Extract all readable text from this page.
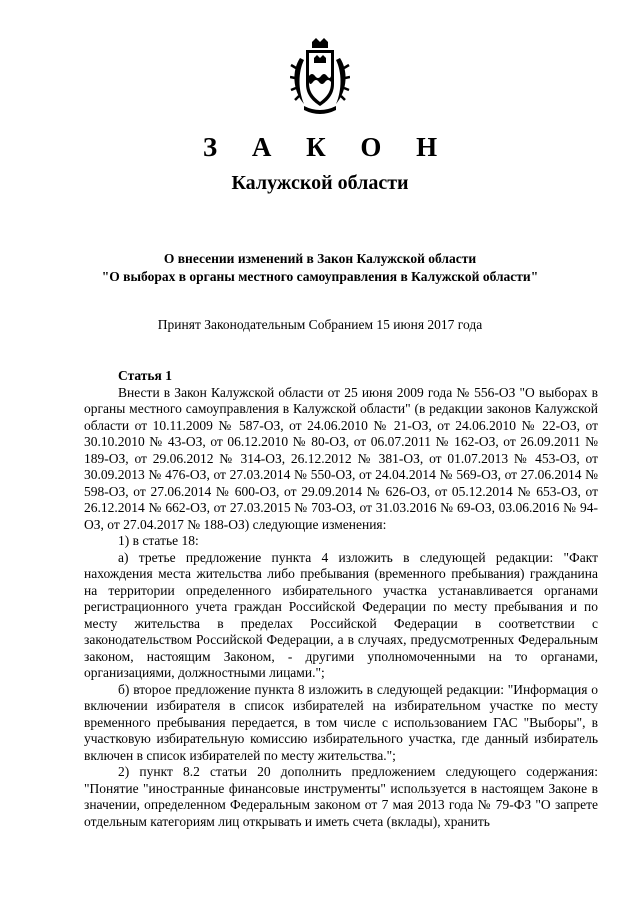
З А К О Н
Калужской области
О внесении изменений в Закон Калужской области
"О выборах в органы местного самоуправления в Калужской области"
Принят Законодательным Собранием 15 июня 2017 года
Статья 1

Внести в Закон Калужской области от 25 июня 2009 года № 556-ОЗ "О выборах в органы местного самоуправления в Калужской области" (в редакции законов Калужской области от 10.11.2009 № 587-ОЗ, от 24.06.2010 № 21-ОЗ, от 24.06.2010 № 22-ОЗ, от 30.10.2010 № 43-ОЗ, от 06.12.2010 № 80-ОЗ, от 06.07.2011 № 162-ОЗ, от 26.09.2011 № 189-ОЗ, от 29.06.2012 № 314-ОЗ, 26.12.2012 № 381-ОЗ, от 01.07.2013 № 453-ОЗ, от 30.09.2013 № 476-ОЗ, от 27.03.2014 № 550-ОЗ, от 24.04.2014 № 569-ОЗ, от 27.06.2014 № 598-ОЗ, от 27.06.2014 № 600-ОЗ, от 29.09.2014 № 626-ОЗ, от 05.12.2014 № 653-ОЗ, от 26.12.2014 № 662-ОЗ, от 27.03.2015 № 703-ОЗ, от 31.03.2016 № 69-ОЗ, 03.06.2016 № 94-ОЗ, от 27.04.2017 № 188-ОЗ) следующие изменения:

1) в статье 18:

а) третье предложение пункта 4 изложить в следующей редакции: "Факт нахождения места жительства либо пребывания (временного пребывания) гражданина на территории определенного избирательного участка устанавливается органами регистрационного учета граждан Российской Федерации по месту пребывания и по месту жительства в пределах Российской Федерации в соответствии с законодательством Российской Федерации, а в случаях, предусмотренных Федеральным законом, настоящим Законом, - другими уполномоченными на то органами, организациями, должностными лицами.";

б) второе предложение пункта 8 изложить в следующей редакции: "Информация о включении избирателя в список избирателей на избирательном участке по месту временного пребывания передается, в том числе с использованием ГАС "Выборы", в участковую избирательную комиссию избирательного участка, где данный избиратель включен в список избирателей по месту жительства.";

2) пункт 8.2 статьи 20 дополнить предложением следующего содержания: "Понятие "иностранные финансовые инструменты" используется в настоящем Законе в значении, определенном Федеральным законом от 7 мая 2013 года № 79-ФЗ "О запрете отдельным категориям лиц открывать и иметь счета (вклады), хранить
